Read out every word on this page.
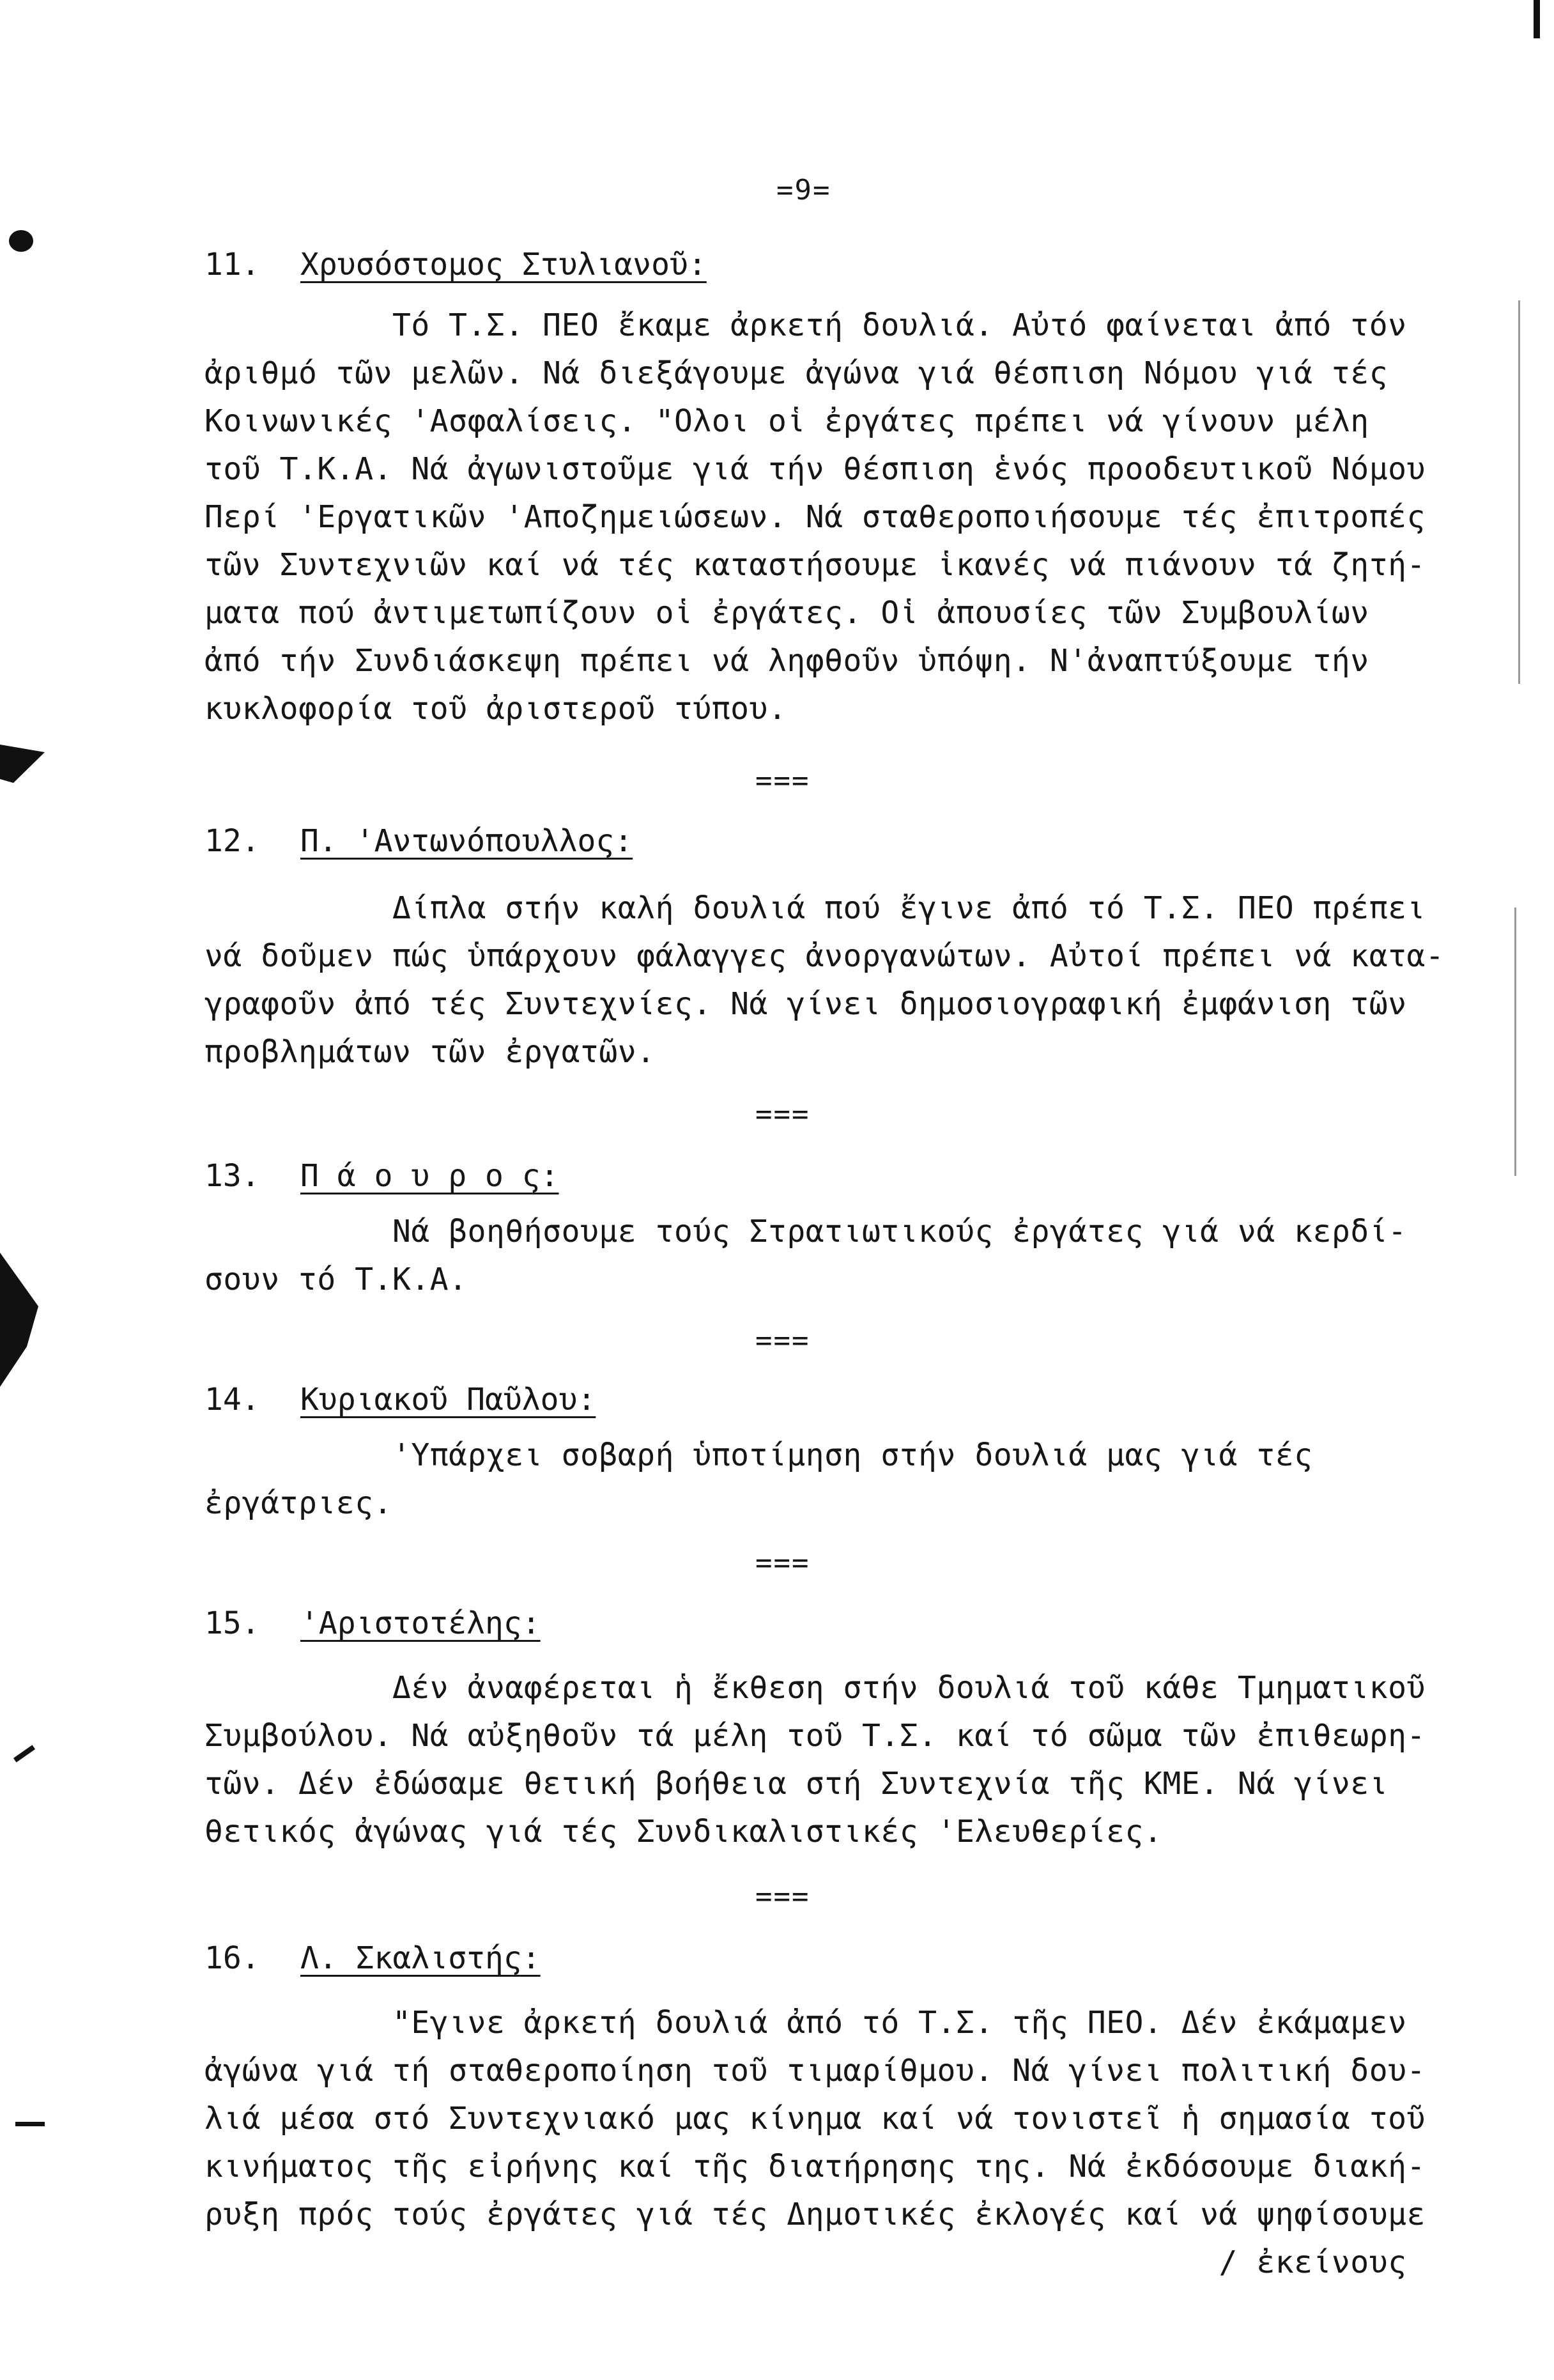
=9=
11.	Χρυσόστομος Στυλιανοῦ:

Τό Τ.Σ. ΠΕΟ ἔκαμε ἀρκετή δουλιά. Αὐτό φαίνεται ἀπό τόν
ἀριθμό τῶν μελῶν. Νά διεξάγουμε ἀγώνα γιά θέσπιση Νόμου γιά τές
Κοινωνικές 'Ασφαλίσεις. "Ολοι οἱ ἐργάτες πρέπει νά γίνουν μέλη
τοῦ Τ.Κ.Α. Νά ἀγωνιστοῦμε γιά τήν θέσπιση ἑνός προοδευτικοῦ Νόμου
Περί 'Εργατικῶν 'Αποζημειώσεων. Νά σταθεροποιήσουμε τές ἐπιτροπές
τῶν Συντεχνιῶν καί νά τές καταστήσουμε ἱκανές νά πιάνουν τά ζητή-
ματα πού ἀντιμετωπίζουν οἱ ἐργάτες. Οἱ ἀπουσίες τῶν Συμβουλίων
ἀπό τήν Συνδιάσκεψη πρέπει νά ληφθοῦν ὑπόψη. Ν'ἀναπτύξουμε τήν
κυκλοφορία τοῦ ἀριστεροῦ τύπου.

===
12.	Π. 'Αντωνόπουλλος:

Δίπλα στήν καλή δουλιά πού ἔγινε ἀπό τό Τ.Σ. ΠΕΟ πρέπει
νά δοῦμεν πώς ὑπάρχουν φάλαγγες ἀνοργανώτων. Αὐτοί πρέπει νά κατα-
γραφοῦν ἀπό τές Συντεχνίες. Νά γίνει δημοσιογραφική ἐμφάνιση τῶν
προβλημάτων τῶν ἐργατῶν.

===
13.	Π ά ο υ ρ ο ς:

Νά βοηθήσουμε τούς Στρατιωτικούς ἐργάτες γιά νά κερδί-
σουν τό Τ.Κ.Α.

===
14.	Κυριακοῦ Παῦλου:

'Υπάρχει σοβαρή ὑποτίμηση στήν δουλιά μας γιά τές
ἐργάτριες.

===
15.	'Αριστοτέλης:

Δέν ἀναφέρεται ἡ ἔκθεση στήν δουλιά τοῦ κάθε Τμηματικοῦ
Συμβούλου. Νά αὐξηθοῦν τά μέλη τοῦ Τ.Σ. καί τό σῶμα τῶν ἐπιθεωρη-
τῶν. Δέν ἐδώσαμε θετική βοήθεια στή Συντεχνία τῆς ΚΜΕ. Νά γίνει
θετικός ἀγώνας γιά τές Συνδικαλιστικές 'Ελευθερίες.

===
16.	Λ. Σκαλιστής:

"Εγινε ἀρκετή δουλιά ἀπό τό Τ.Σ. τῆς ΠΕΟ. Δέν ἐκάμαμεν
ἀγώνα γιά τή σταθεροποίηση τοῦ τιμαρίθμου. Νά γίνει πολιτική δου-
λιά μέσα στό Συντεχνιακό μας κίνημα καί νά τονιστεῖ ἡ σημασία τοῦ
κινήματος τῆς εἰρήνης καί τῆς διατήρησης της. Νά ἐκδόσουμε διακή-
ρυξη πρός τούς ἐργάτες γιά τές Δημοτικές ἐκλογές καί νά ψηφίσουμε
/ ἐκείνους
